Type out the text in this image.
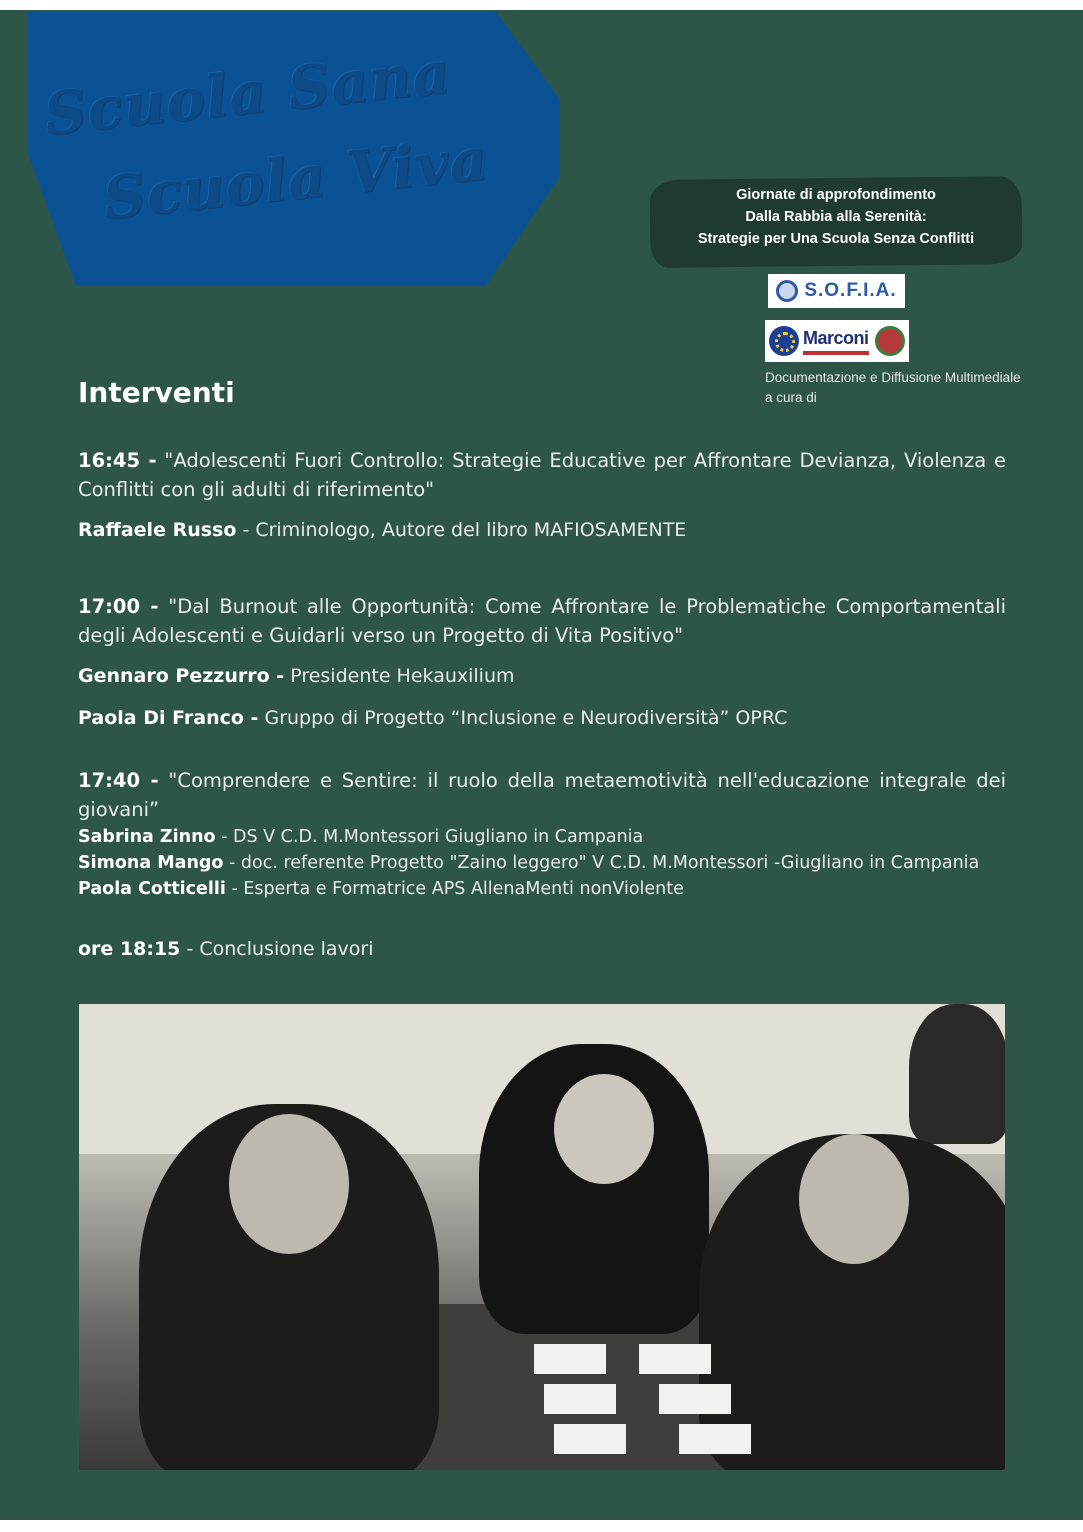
Scuola Sana
Scuola Viva	Giornate di approfondimento
Dalla Rabbia alla Serenità:
Strategie per Una Scuola Senza Conflitti
S.O.F.I.A.
Marconi
Documentazione e Diffusione Multimediale
a cura di
Interventi

16:45 - "Adolescenti Fuori Controllo: Strategie Educative per Affrontare Devianza, Violenza e Conflitti con gli adulti di riferimento"

Raffaele Russo - Criminologo, Autore del libro MAFIOSAMENTE

17:00 - "Dal Burnout alle Opportunità: Come Affrontare le Problematiche Comportamentali degli Adolescenti e Guidarli verso un Progetto di Vita Positivo"

Gennaro Pezzurro - Presidente Hekauxilium

Paola Di Franco - Gruppo di Progetto “Inclusione e Neurodiversità” OPRC

17:40 - "Comprendere e Sentire: il ruolo della metaemotività nell'educazione integrale dei giovani”

Sabrina Zinno - DS V C.D. M.Montessori Giugliano in Campania

Simona Mango - doc. referente Progetto "Zaino leggero" V C.D. M.Montessori -Giugliano in Campania

Paola Cotticelli - Esperta e Formatrice APS AllenaMenti nonViolente

ore 18:15 - Conclusione lavori
